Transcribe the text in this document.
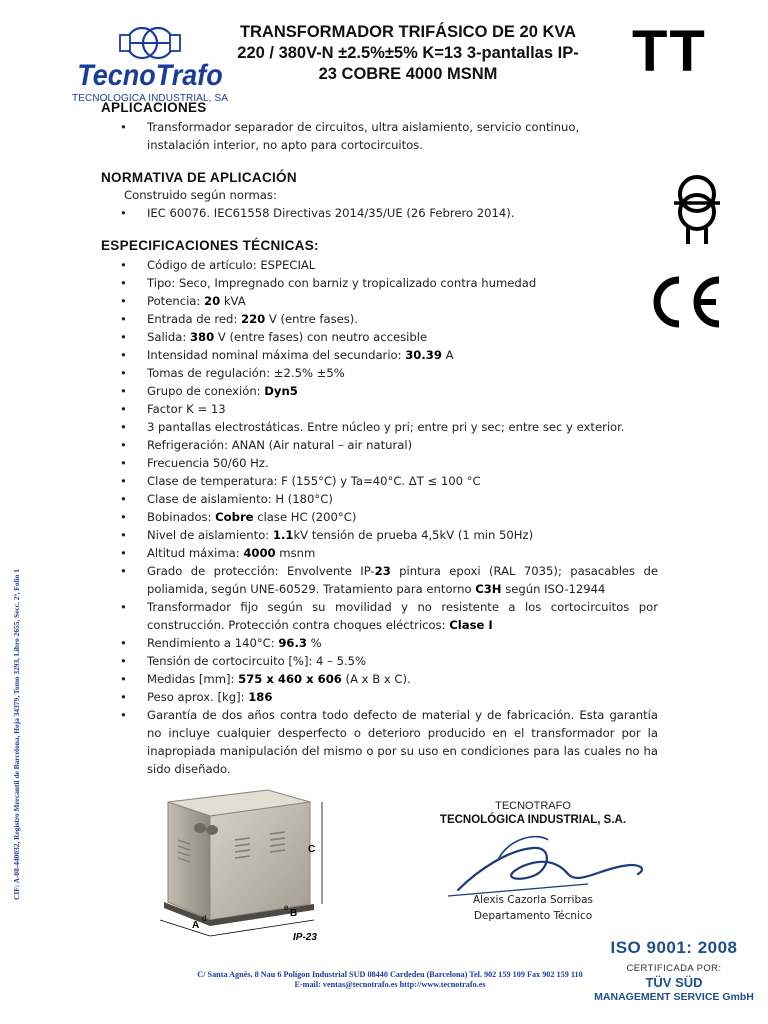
TecnoTrafo
TECNOLOGICA INDUSTRIAL, SA
TRANSFORMADOR TRIFÁSICO DE 20 KVA
220 / 380V-N ±2.5%±5% K=13 3-pantallas IP-
23 COBRE 4000 MSNM	TT
APLICACIONES
• Transformador separador de circuitos, ultra aislamiento, servicio continuo, instalación interior, no apto para cortocircuitos.
NORMATIVA DE APLICACIÓN
Construido según normas:
• IEC 60076. IEC61558 Directivas 2014/35/UE (26 Febrero 2014).
ESPECIFICACIONES TÉCNICAS:
• Código de artículo: ESPECIAL
• Tipo: Seco, Impregnado con barniz y tropicalizado contra humedad
• Potencia: 20 kVA
• Entrada de red: 220 V (entre fases).
• Salida: 380 V (entre fases) con neutro accesible
• Intensidad nominal máxima del secundario: 30.39 A
• Tomas de regulación: ±2.5% ±5%
• Grupo de conexión: Dyn5
• Factor K = 13
• 3 pantallas electrostáticas. Entre núcleo y pri; entre pri y sec; entre sec y exterior.
• Refrigeración: ANAN (Air natural – air natural)
• Frecuencia 50/60 Hz.
• Clase de temperatura: F (155°C) y Ta=40°C. ΔT ≤ 100 °C
• Clase de aislamiento: H (180°C)
• Bobinados: Cobre clase HC (200°C)
• Nivel de aislamiento: 1.1kV tensión de prueba 4,5kV (1 min 50Hz)
• Altitud máxima: 4000 msnm
• Grado de protección: Envolvente IP-23 pintura epoxi (RAL 7035); pasacables de poliamida, según UNE-60529. Tratamiento para entorno C3H según ISO-12944
• Transformador fijo según su movilidad y no resistente a los cortocircuitos por construcción. Protección contra choques eléctricos: Clase I
• Rendimiento a 140°C: 96.3 %
• Tensión de cortocircuito [%]: 4 – 5.5%
• Medidas [mm]: 575 x 460 x 606 (A x B x C).
• Peso aprox. [kg]: 186
• Garantía de dos años contra todo defecto de material y de fabricación. Esta garantía no incluye cualquier desperfecto o deterioro producido en el transformador por la inapropiada manipulación del mismo o por su uso en condiciones para las cuales no ha sido diseñado.
CIF: A-08-440032, Registro Mercantil de Barcelona, Hoja 34379, Tomo 3293, Libro 2655, Secc. 2ª, Folio 1	C
A
d	B
e
IP-23
TECNOTRAFO
TECNOLÓGICA INDUSTRIAL, S.A.
Alexis Cazorla Sorribas
Departamento Técnico
C/ Santa Agnès, 8 Nau 6 Polígon Industrial SUD 08440 Cardedeu (Barcelona) Tel. 902 159 109 Fax 902 159 110
E-mail: ventas@tecnotrafo.es http://www.tecnotrafo.es
ISO 9001: 2008
CERTIFICADA POR:
TÜV SÜD
MANAGEMENT SERVICE GmbH
